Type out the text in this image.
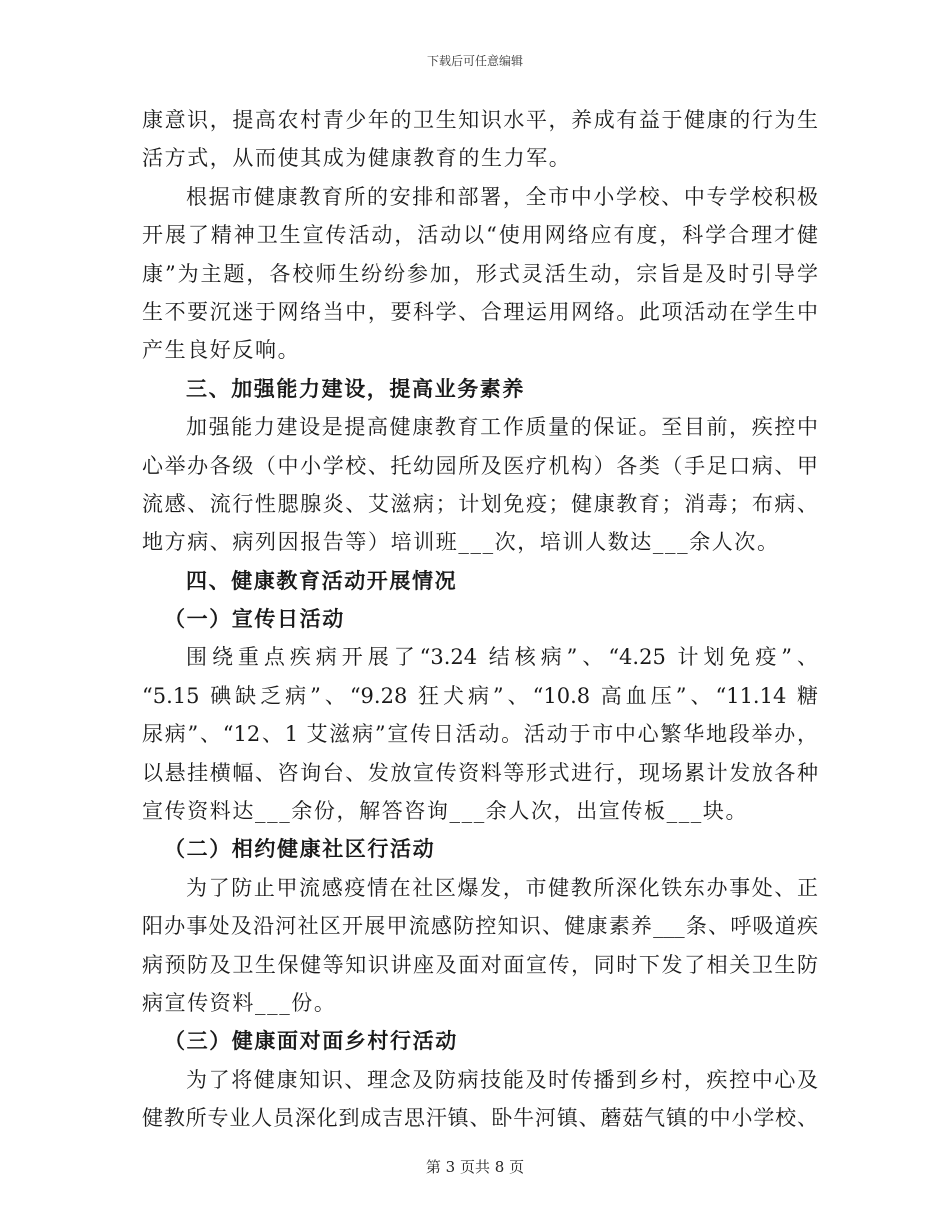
下载后可任意编辑
康意识，提高农村青少年的卫生知识水平，养成有益于健康的行为生
活方式，从而使其成为健康教育的生力军。
根据市健康教育所的安排和部署，全市中小学校、中专学校积极
开展了精神卫生宣传活动，活动以“使用网络应有度，科学合理才健
康”为主题，各校师生纷纷参加，形式灵活生动，宗旨是及时引导学
生不要沉迷于网络当中，要科学、合理运用网络。此项活动在学生中
产生良好反响。
三、加强能力建设，提高业务素养
加强能力建设是提高健康教育工作质量的保证。至目前，疾控中
心举办各级（中小学校、托幼园所及医疗机构）各类（手足口病、甲
流感、流行性腮腺炎、艾滋病；计划免疫；健康教育；消毒；布病、
地方病、病列因报告等）培训班___次，培训人数达___余人次。
四、健康教育活动开展情况
（一）宣传日活动
围绕重点疾病开展了“3.24 结核病”、“4.25 计划免疫”、
“5.15 碘缺乏病”、“9.28 狂犬病”、“10.8 高血压”、“11.14 糖
尿病”、“12、1 艾滋病”宣传日活动。活动于市中心繁华地段举办，
以悬挂横幅、咨询台、发放宣传资料等形式进行，现场累计发放各种
宣传资料达___余份，解答咨询___余人次，出宣传板___块。
（二）相约健康社区行活动
为了防止甲流感疫情在社区爆发，市健教所深化铁东办事处、正
阳办事处及沿河社区开展甲流感防控知识、健康素养___条、呼吸道疾
病预防及卫生保健等知识讲座及面对面宣传，同时下发了相关卫生防
病宣传资料___份。
（三）健康面对面乡村行活动
为了将健康知识、理念及防病技能及时传播到乡村，疾控中心及
健教所专业人员深化到成吉思汗镇、卧牛河镇、蘑菇气镇的中小学校、
第 3 页共 8 页
